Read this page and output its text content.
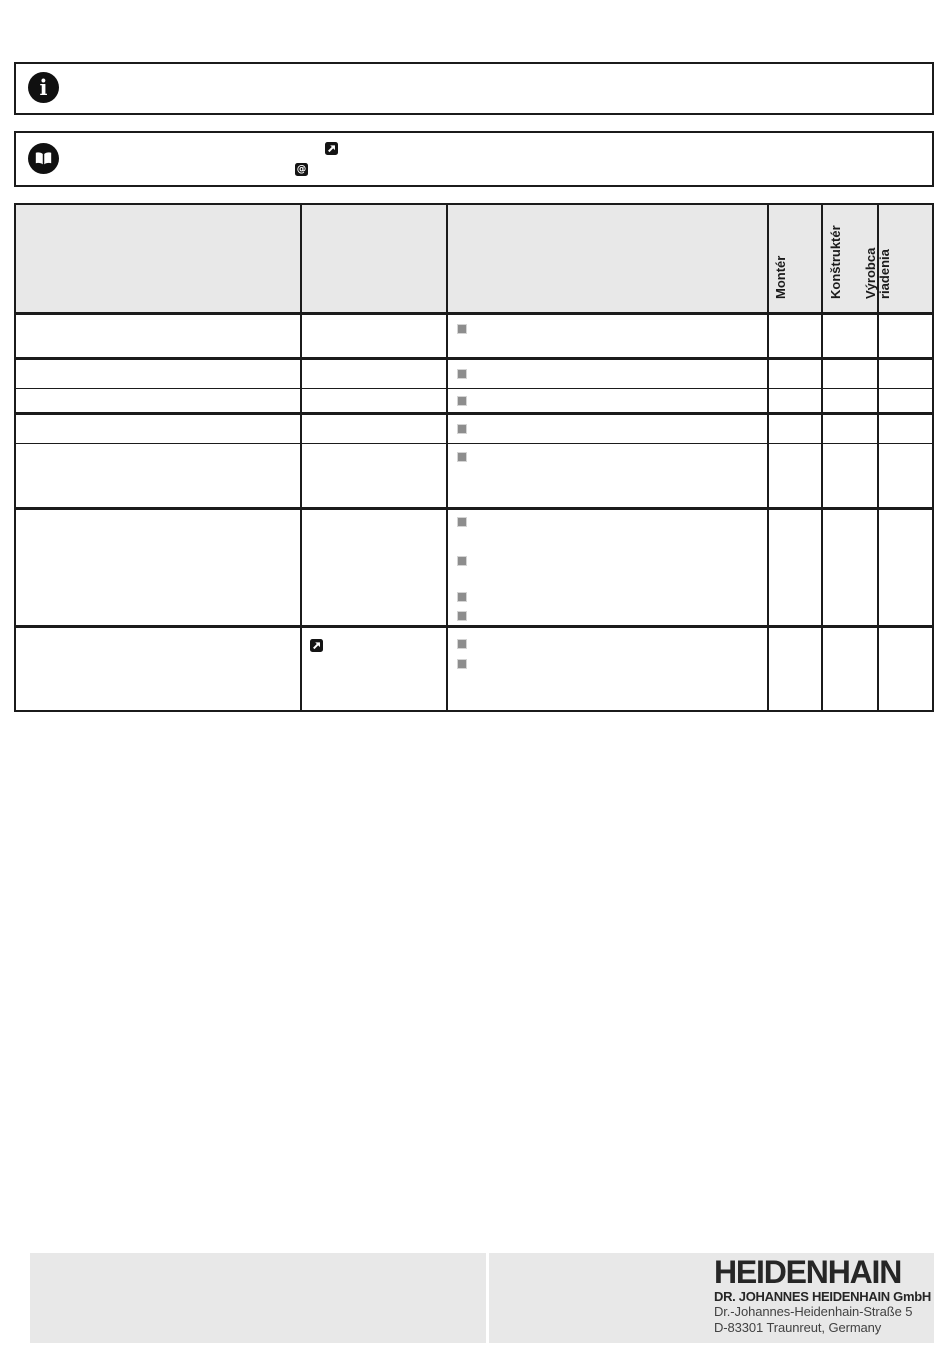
i
@
Montér	Konštruktér Výrobca riadenia
HEIDENHAIN
DR. JOHANNES HEIDENHAIN GmbH
Dr.-Johannes-Heidenhain-Straße 5
D-83301 Traunreut, Germany
